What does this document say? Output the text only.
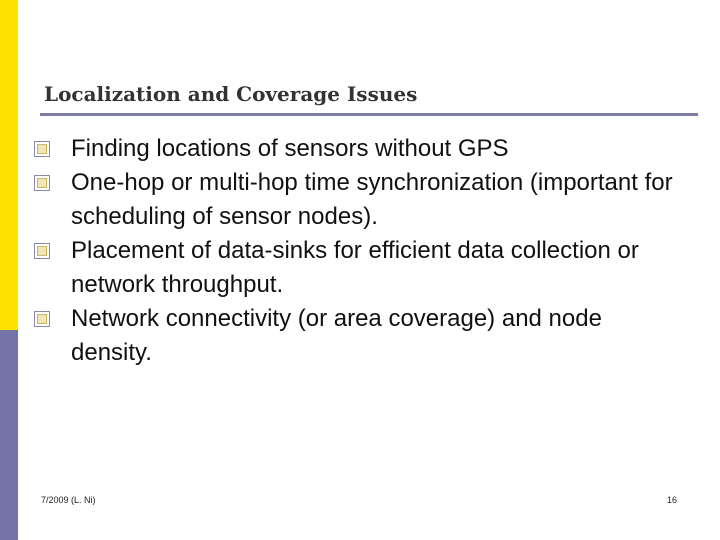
Localization and Coverage Issues
Finding locations of sensors without GPS
One-hop or multi-hop time synchronization (important for scheduling of sensor nodes).
Placement of data-sinks for efficient data collection or network throughput.
Network connectivity (or area coverage) and node density.
7/2009 (L. Ni)	16
